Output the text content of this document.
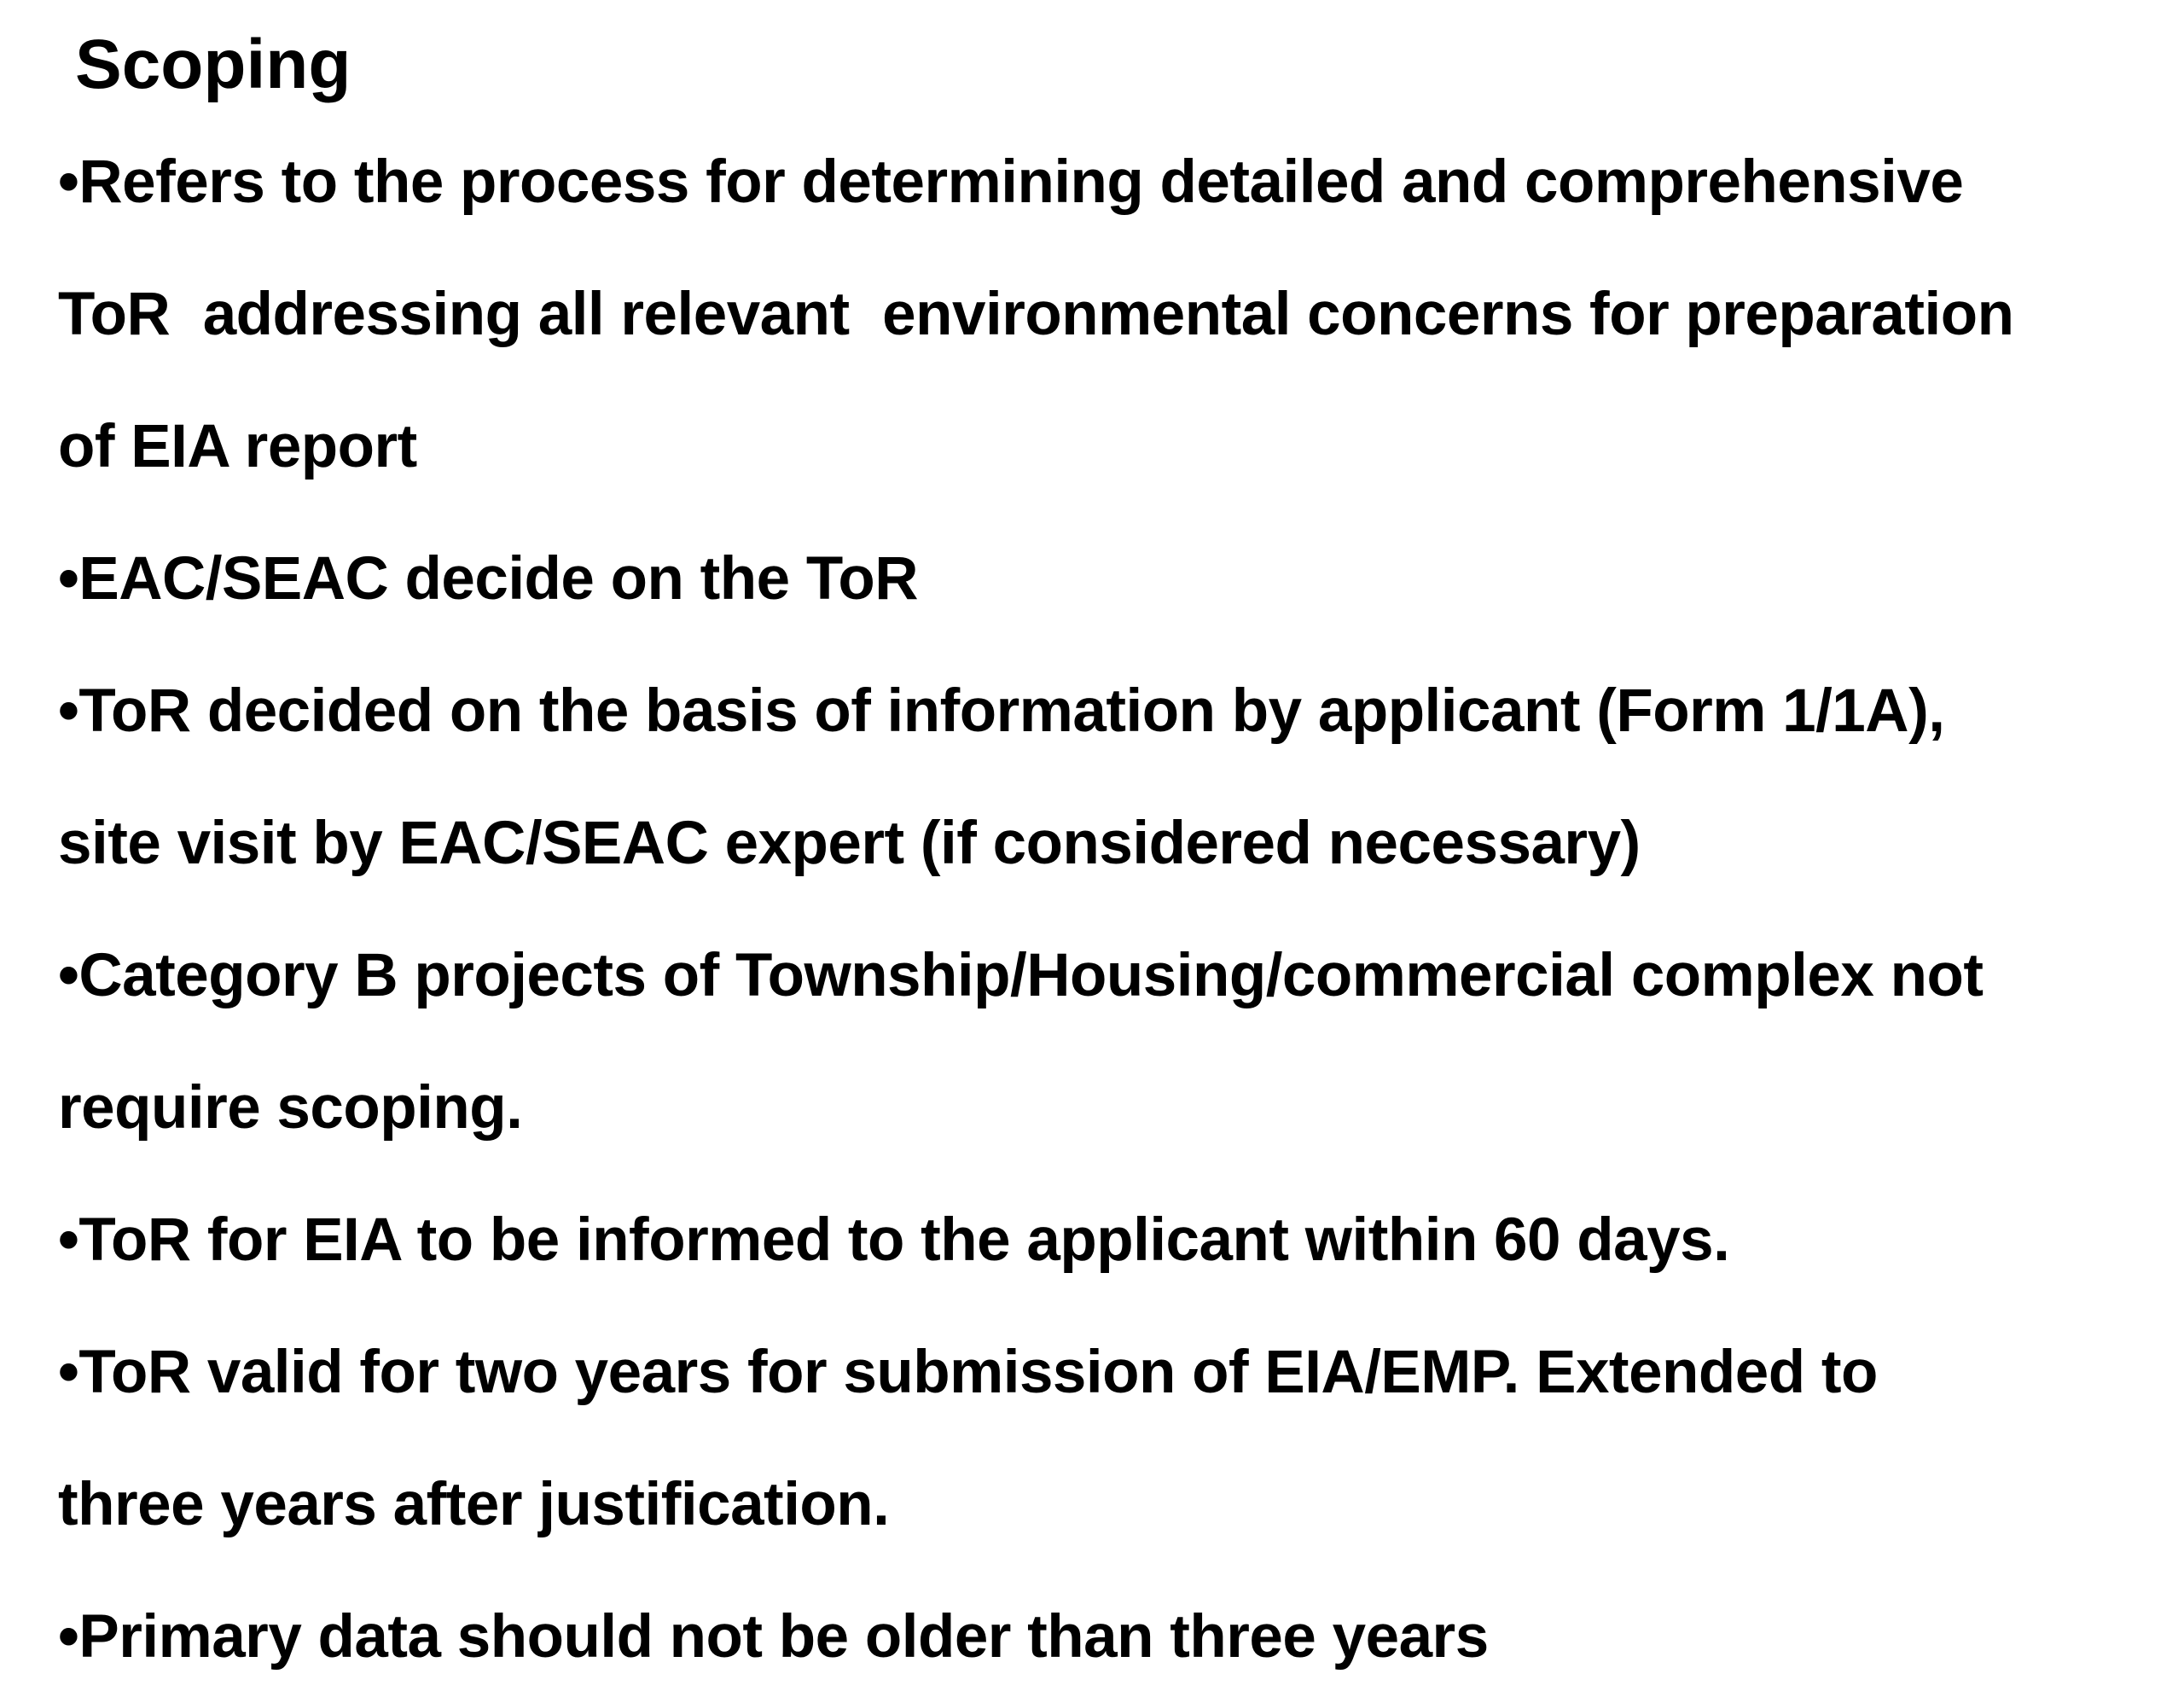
Scoping
•Refers to the process for determining detailed and comprehensive
ToR  addressing all relevant  environmental concerns for preparation
of EIA report
•EAC/SEAC decide on the ToR
•ToR decided on the basis of information by applicant (Form 1/1A),
site visit by EAC/SEAC expert (if considered necessary)
•Category B projects of Township/Housing/commercial complex not
require scoping.
•ToR for EIA to be informed to the applicant within 60 days.
•ToR valid for two years for submission of EIA/EMP. Extended to
three years after justification.
•Primary data should not be older than three years
